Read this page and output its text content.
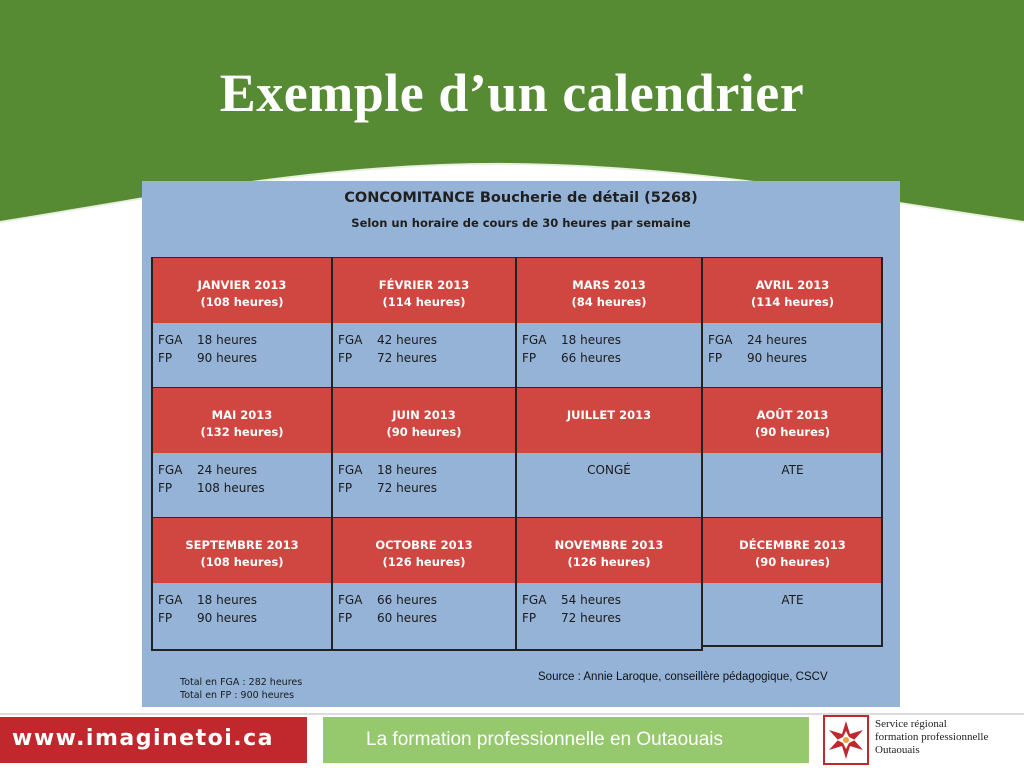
Exemple d’un calendrier
CONCOMITANCE Boucherie de détail (5268)
Selon un horaire de cours de 30 heures par semaine
JANVIER 2013
(108 heures)
FGA	18 heures
FP	90 heures
FÉVRIER 2013
(114 heures)
FGA	42 heures
FP	72 heures
MARS 2013
(84 heures)
FGA	18 heures
FP	66 heures
AVRIL 2013
(114 heures)
FGA	24 heures
FP	90 heures
MAI 2013
(132 heures)
FGA	24 heures
FP	108 heures
JUIN 2013
(90 heures)
FGA	18 heures
FP	72 heures
JUILLET 2013
CONGÉ
AOÛT 2013
(90 heures)
ATE
SEPTEMBRE 2013
(108 heures)
FGA	18 heures
FP	90 heures
OCTOBRE 2013
(126 heures)
FGA	66 heures
FP	60 heures
NOVEMBRE 2013
(126 heures)
FGA	54 heures
FP	72 heures
DÉCEMBRE 2013
(90 heures)
ATE
Total en FGA : 282 heures
Total en FP : 900 heures
Source : Annie Laroque, conseillère pédagogique, CSCV
www.imaginetoi.ca	La formation professionnelle en Outaouais
Service régional
formation professionnelle
Outaouais
